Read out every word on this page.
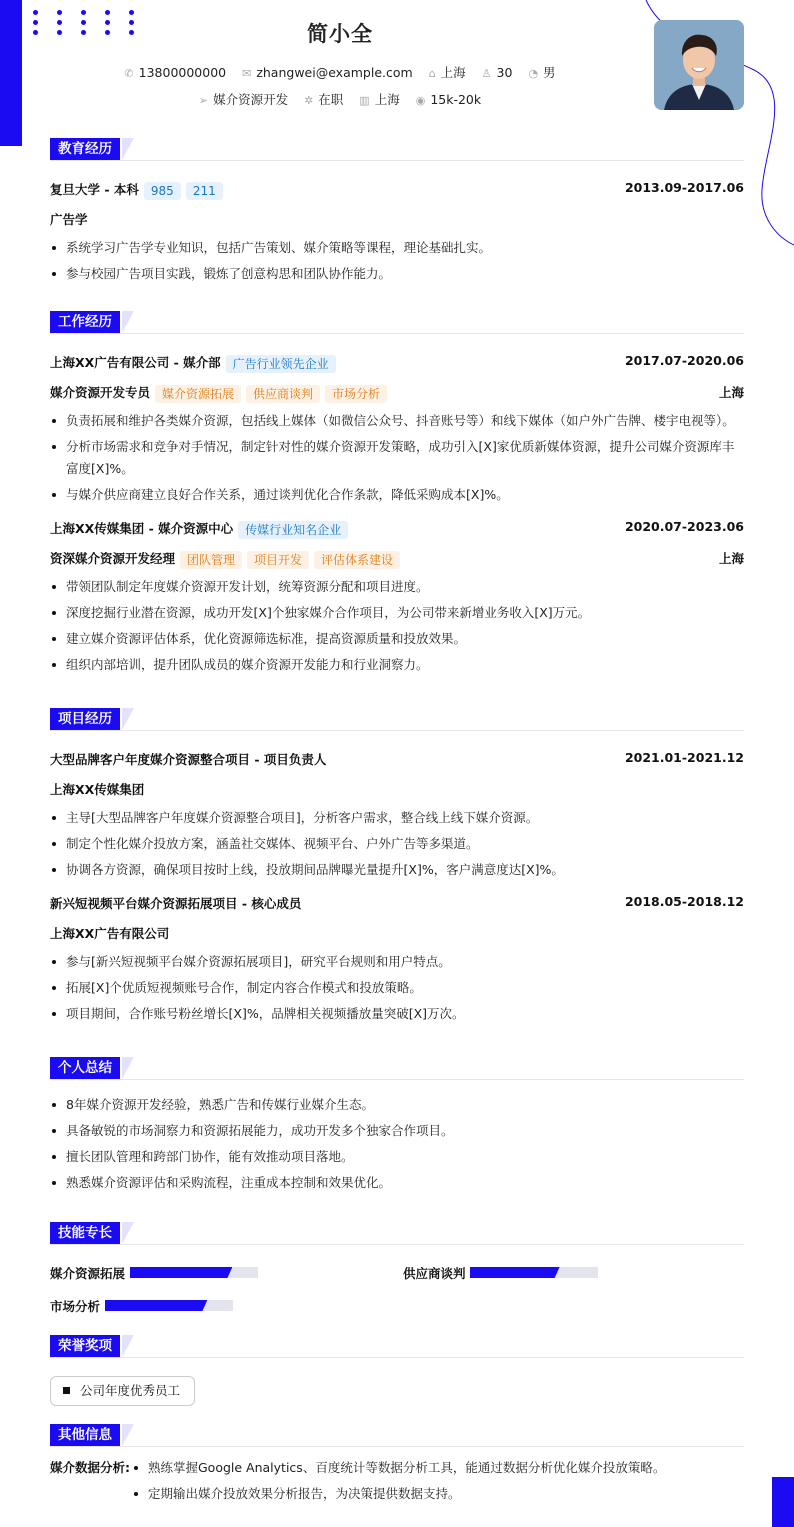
简小全
✆ 13800000000 ✉ zhangwei@example.com ⌂ 上海 ♙ 30 ◔ 男
➢ 媒介资源开发 ✲ 在职 ▥ 上海 ◉ 15k-20k
教育经历
复旦大学 - 本科 985 211	2013.09-2017.06
广告学
系统学习广告学专业知识，包括广告策划、媒介策略等课程，理论基础扎实。
参与校园广告项目实践，锻炼了创意构思和团队协作能力。
工作经历
上海XX广告有限公司 - 媒介部 广告行业领先企业	2017.07-2020.06
媒介资源开发专员 媒介资源拓展 供应商谈判 市场分析	上海
负责拓展和维护各类媒介资源，包括线上媒体（如微信公众号、抖音账号等）和线下媒体（如户外广告牌、楼宇电视等）。
分析市场需求和竞争对手情况，制定针对性的媒介资源开发策略，成功引入[X]家优质新媒体资源，提升公司媒介资源库丰富度[X]%。
与媒介供应商建立良好合作关系，通过谈判优化合作条款，降低采购成本[X]%。
上海XX传媒集团 - 媒介资源中心 传媒行业知名企业	2020.07-2023.06
资深媒介资源开发经理 团队管理 项目开发 评估体系建设	上海
带领团队制定年度媒介资源开发计划，统筹资源分配和项目进度。
深度挖掘行业潜在资源，成功开发[X]个独家媒介合作项目，为公司带来新增业务收入[X]万元。
建立媒介资源评估体系，优化资源筛选标准，提高资源质量和投放效果。
组织内部培训，提升团队成员的媒介资源开发能力和行业洞察力。
项目经历
大型品牌客户年度媒介资源整合项目 - 项目负责人	2021.01-2021.12
上海XX传媒集团
主导[大型品牌客户年度媒介资源整合项目]，分析客户需求，整合线上线下媒介资源。
制定个性化媒介投放方案，涵盖社交媒体、视频平台、户外广告等多渠道。
协调各方资源，确保项目按时上线，投放期间品牌曝光量提升[X]%，客户满意度达[X]%。
新兴短视频平台媒介资源拓展项目 - 核心成员	2018.05-2018.12
上海XX广告有限公司
参与[新兴短视频平台媒介资源拓展项目]，研究平台规则和用户特点。
拓展[X]个优质短视频账号合作，制定内容合作模式和投放策略。
项目期间，合作账号粉丝增长[X]%，品牌相关视频播放量突破[X]万次。
个人总结
8年媒介资源开发经验，熟悉广告和传媒行业媒介生态。
具备敏锐的市场洞察力和资源拓展能力，成功开发多个独家合作项目。
擅长团队管理和跨部门协作，能有效推动项目落地。
熟悉媒介资源评估和采购流程，注重成本控制和效果优化。
技能专长
媒介资源拓展	供应商谈判
市场分析
荣誉奖项
公司年度优秀员工
其他信息
媒介数据分析:	熟练掌握Google Analytics、百度统计等数据分析工具，能通过数据分析优化媒介投放策略。
定期输出媒介投放效果分析报告，为决策提供数据支持。
